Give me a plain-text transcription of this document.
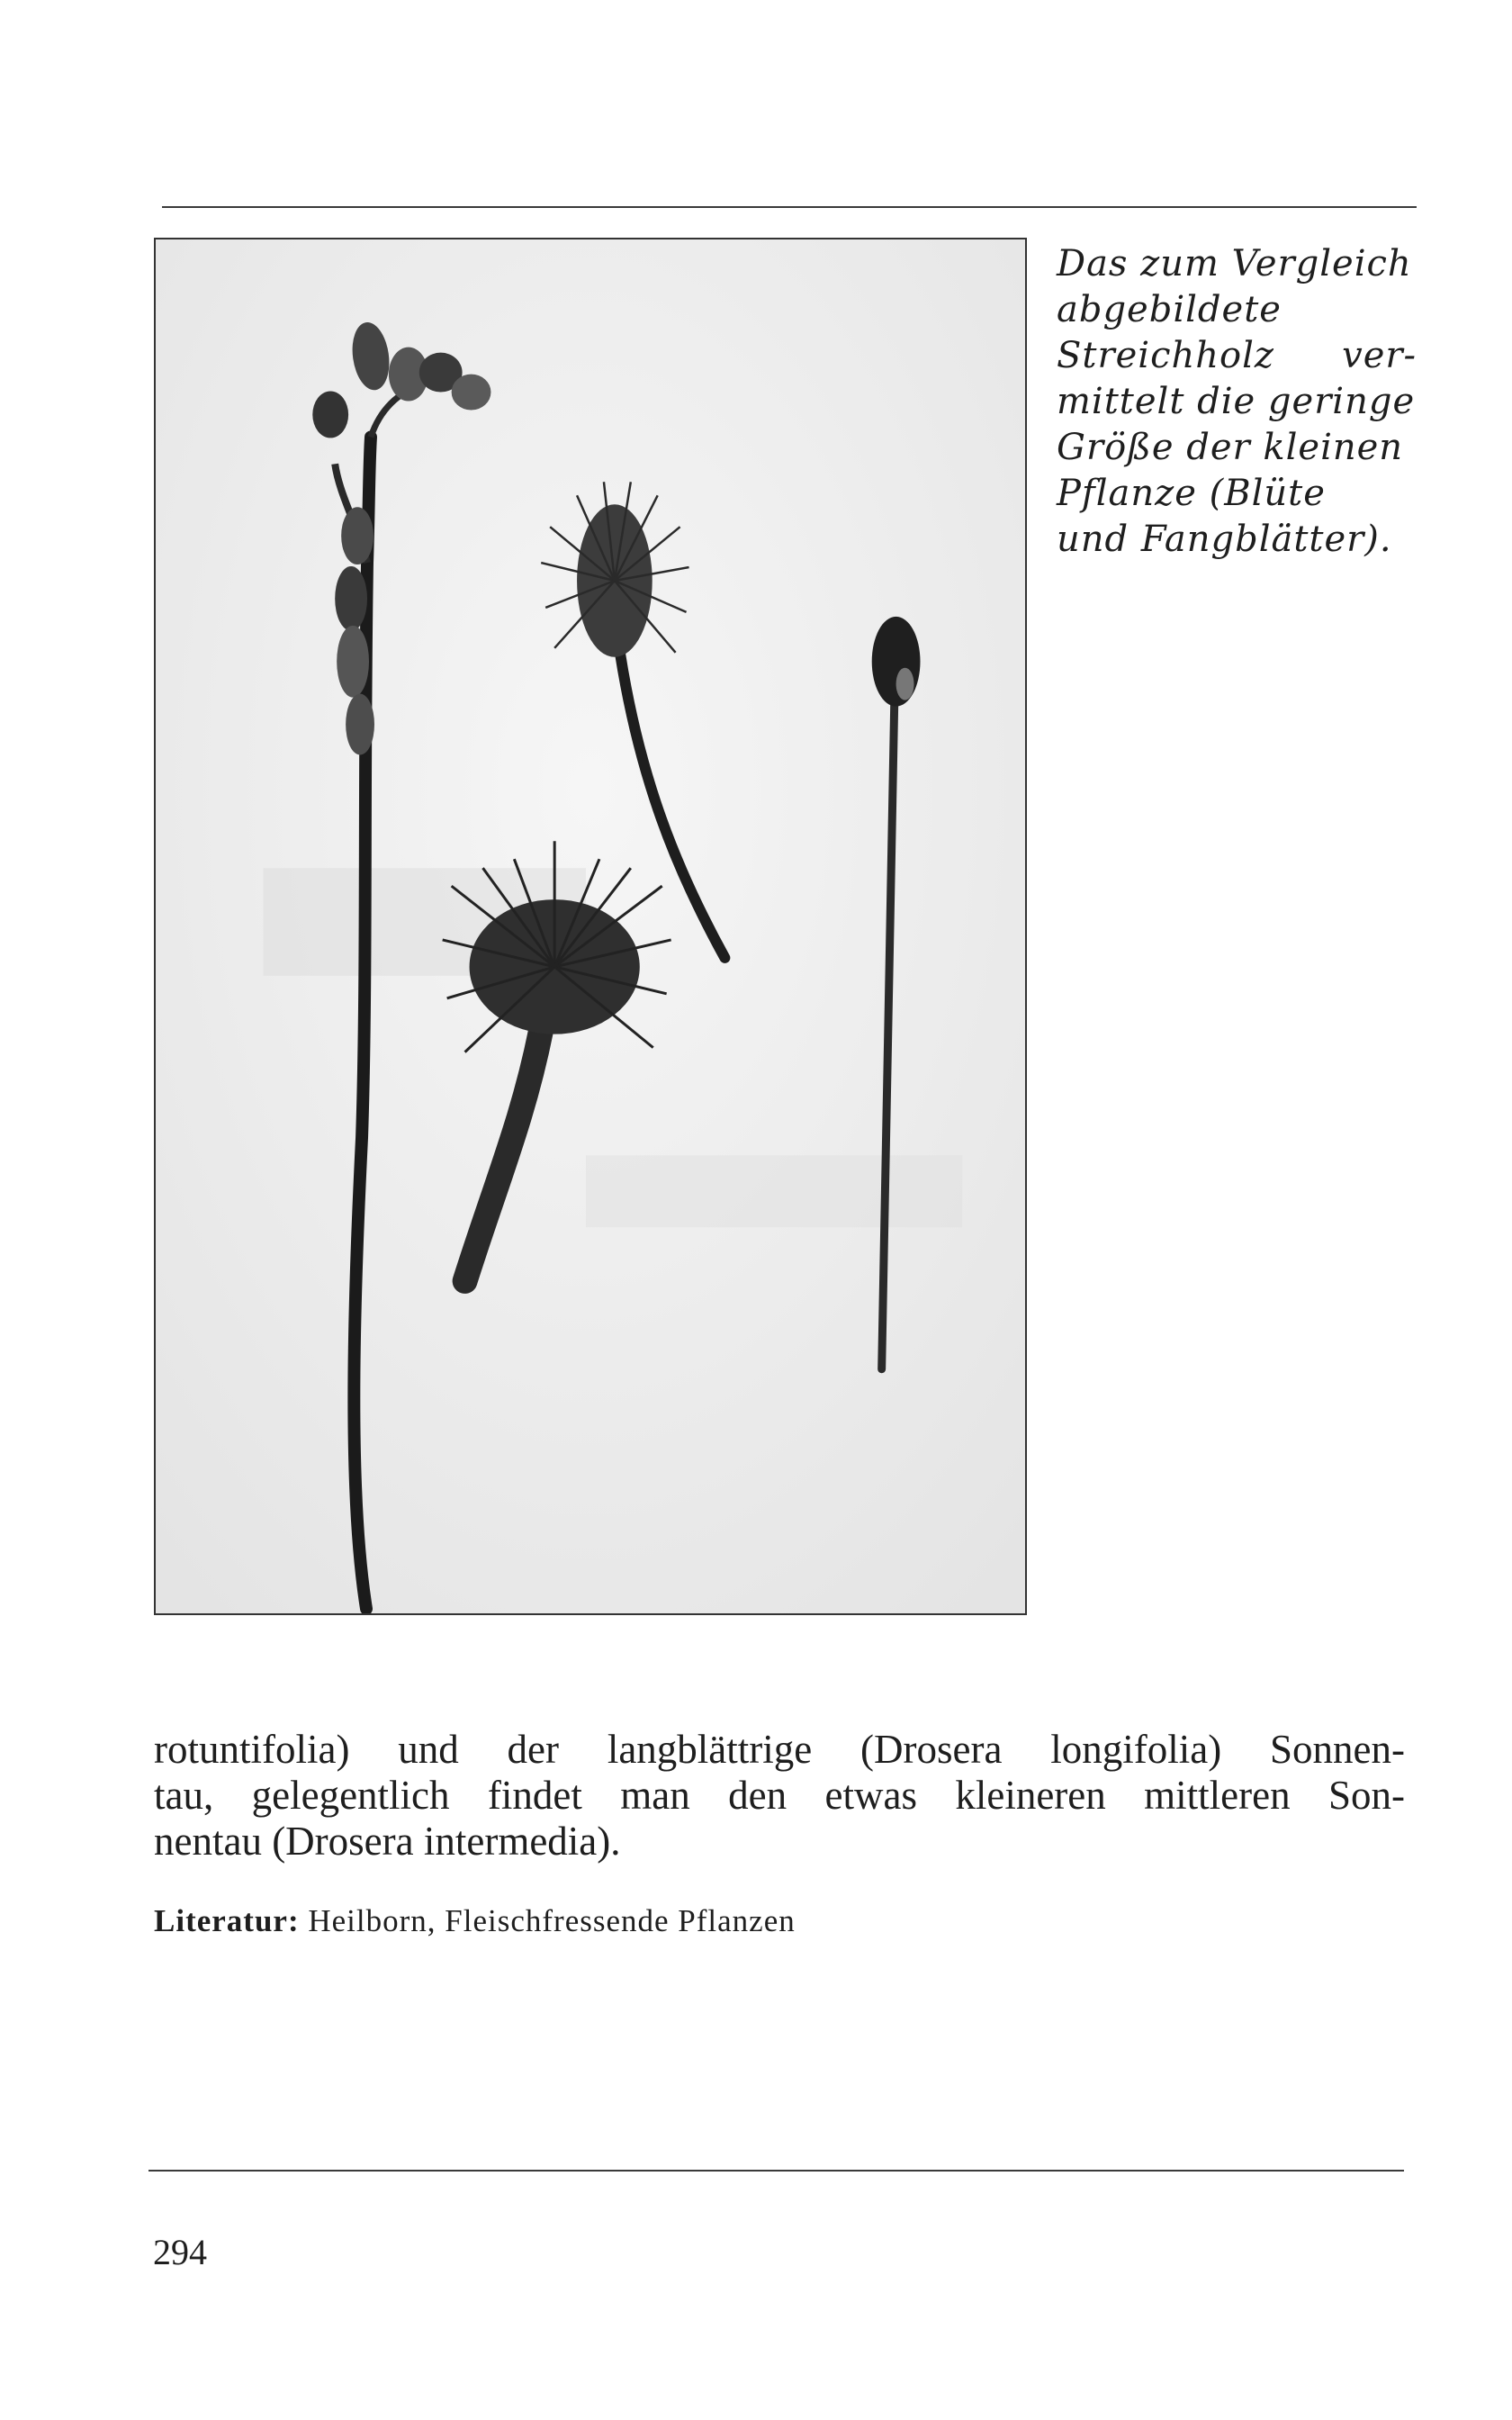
Das zum Vergleich
abgebildete
Streichholz ver-
mittelt die geringe
Größe der kleinen
Pflanze (Blüte
und Fangblätter).
rotuntifolia) und der langblättrige (Drosera longifolia) Sonnen-
tau, gelegentlich findet man den etwas kleineren mittleren Son-
nentau (Drosera intermedia).
Literatur: Heilborn, Fleischfressende Pflanzen
294
